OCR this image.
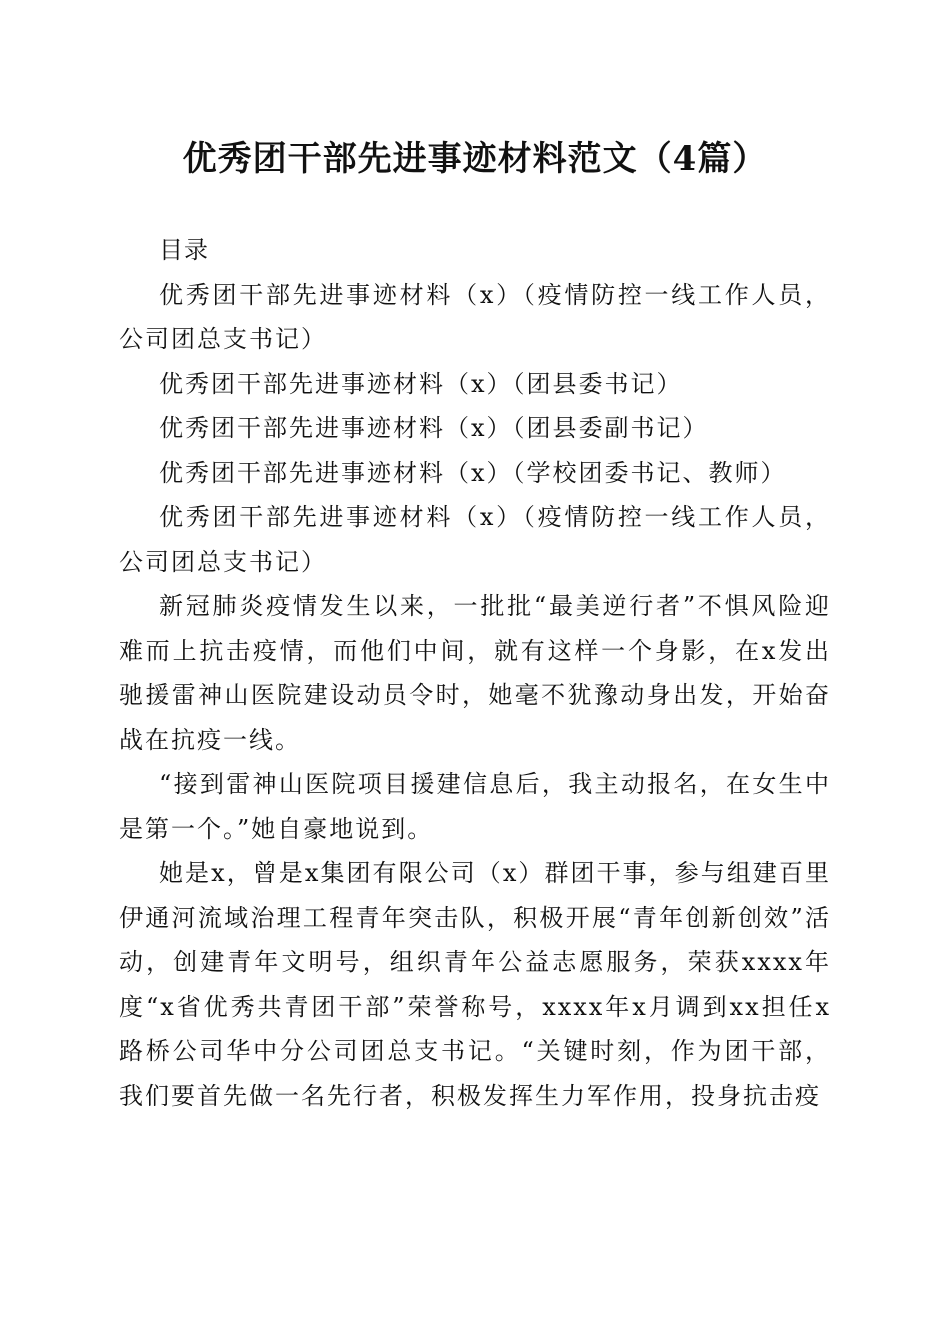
优秀团干部先进事迹材料范文（4篇）

目录

优秀团干部先进事迹材料（x）（疫情防控一线工作人员，公司团总支书记）

优秀团干部先进事迹材料（x）（团县委书记）

优秀团干部先进事迹材料（x）（团县委副书记）

优秀团干部先进事迹材料（x）（学校团委书记、教师）

优秀团干部先进事迹材料（x）（疫情防控一线工作人员，公司团总支书记）

新冠肺炎疫情发生以来，一批批“最美逆行者”不惧风险迎难而上抗击疫情，而他们中间，就有这样一个身影，在x发出驰援雷神山医院建设动员令时，她毫不犹豫动身出发，开始奋战在抗疫一线。

“接到雷神山医院项目援建信息后，我主动报名，在女生中是第一个。”她自豪地说到。

她是x，曾是x集团有限公司（x）群团干事，参与组建百里伊通河流域治理工程青年突击队，积极开展“青年创新创效”活动，创建青年文明号，组织青年公益志愿服务，荣获xxxx年度“x省优秀共青团干部”荣誉称号，xxxx年x月调到xx担任x路桥公司华中分公司团总支书记。“关键时刻，作为团干部，我们要首先做一名先行者，积极发挥生力军作用，投身抗击疫
